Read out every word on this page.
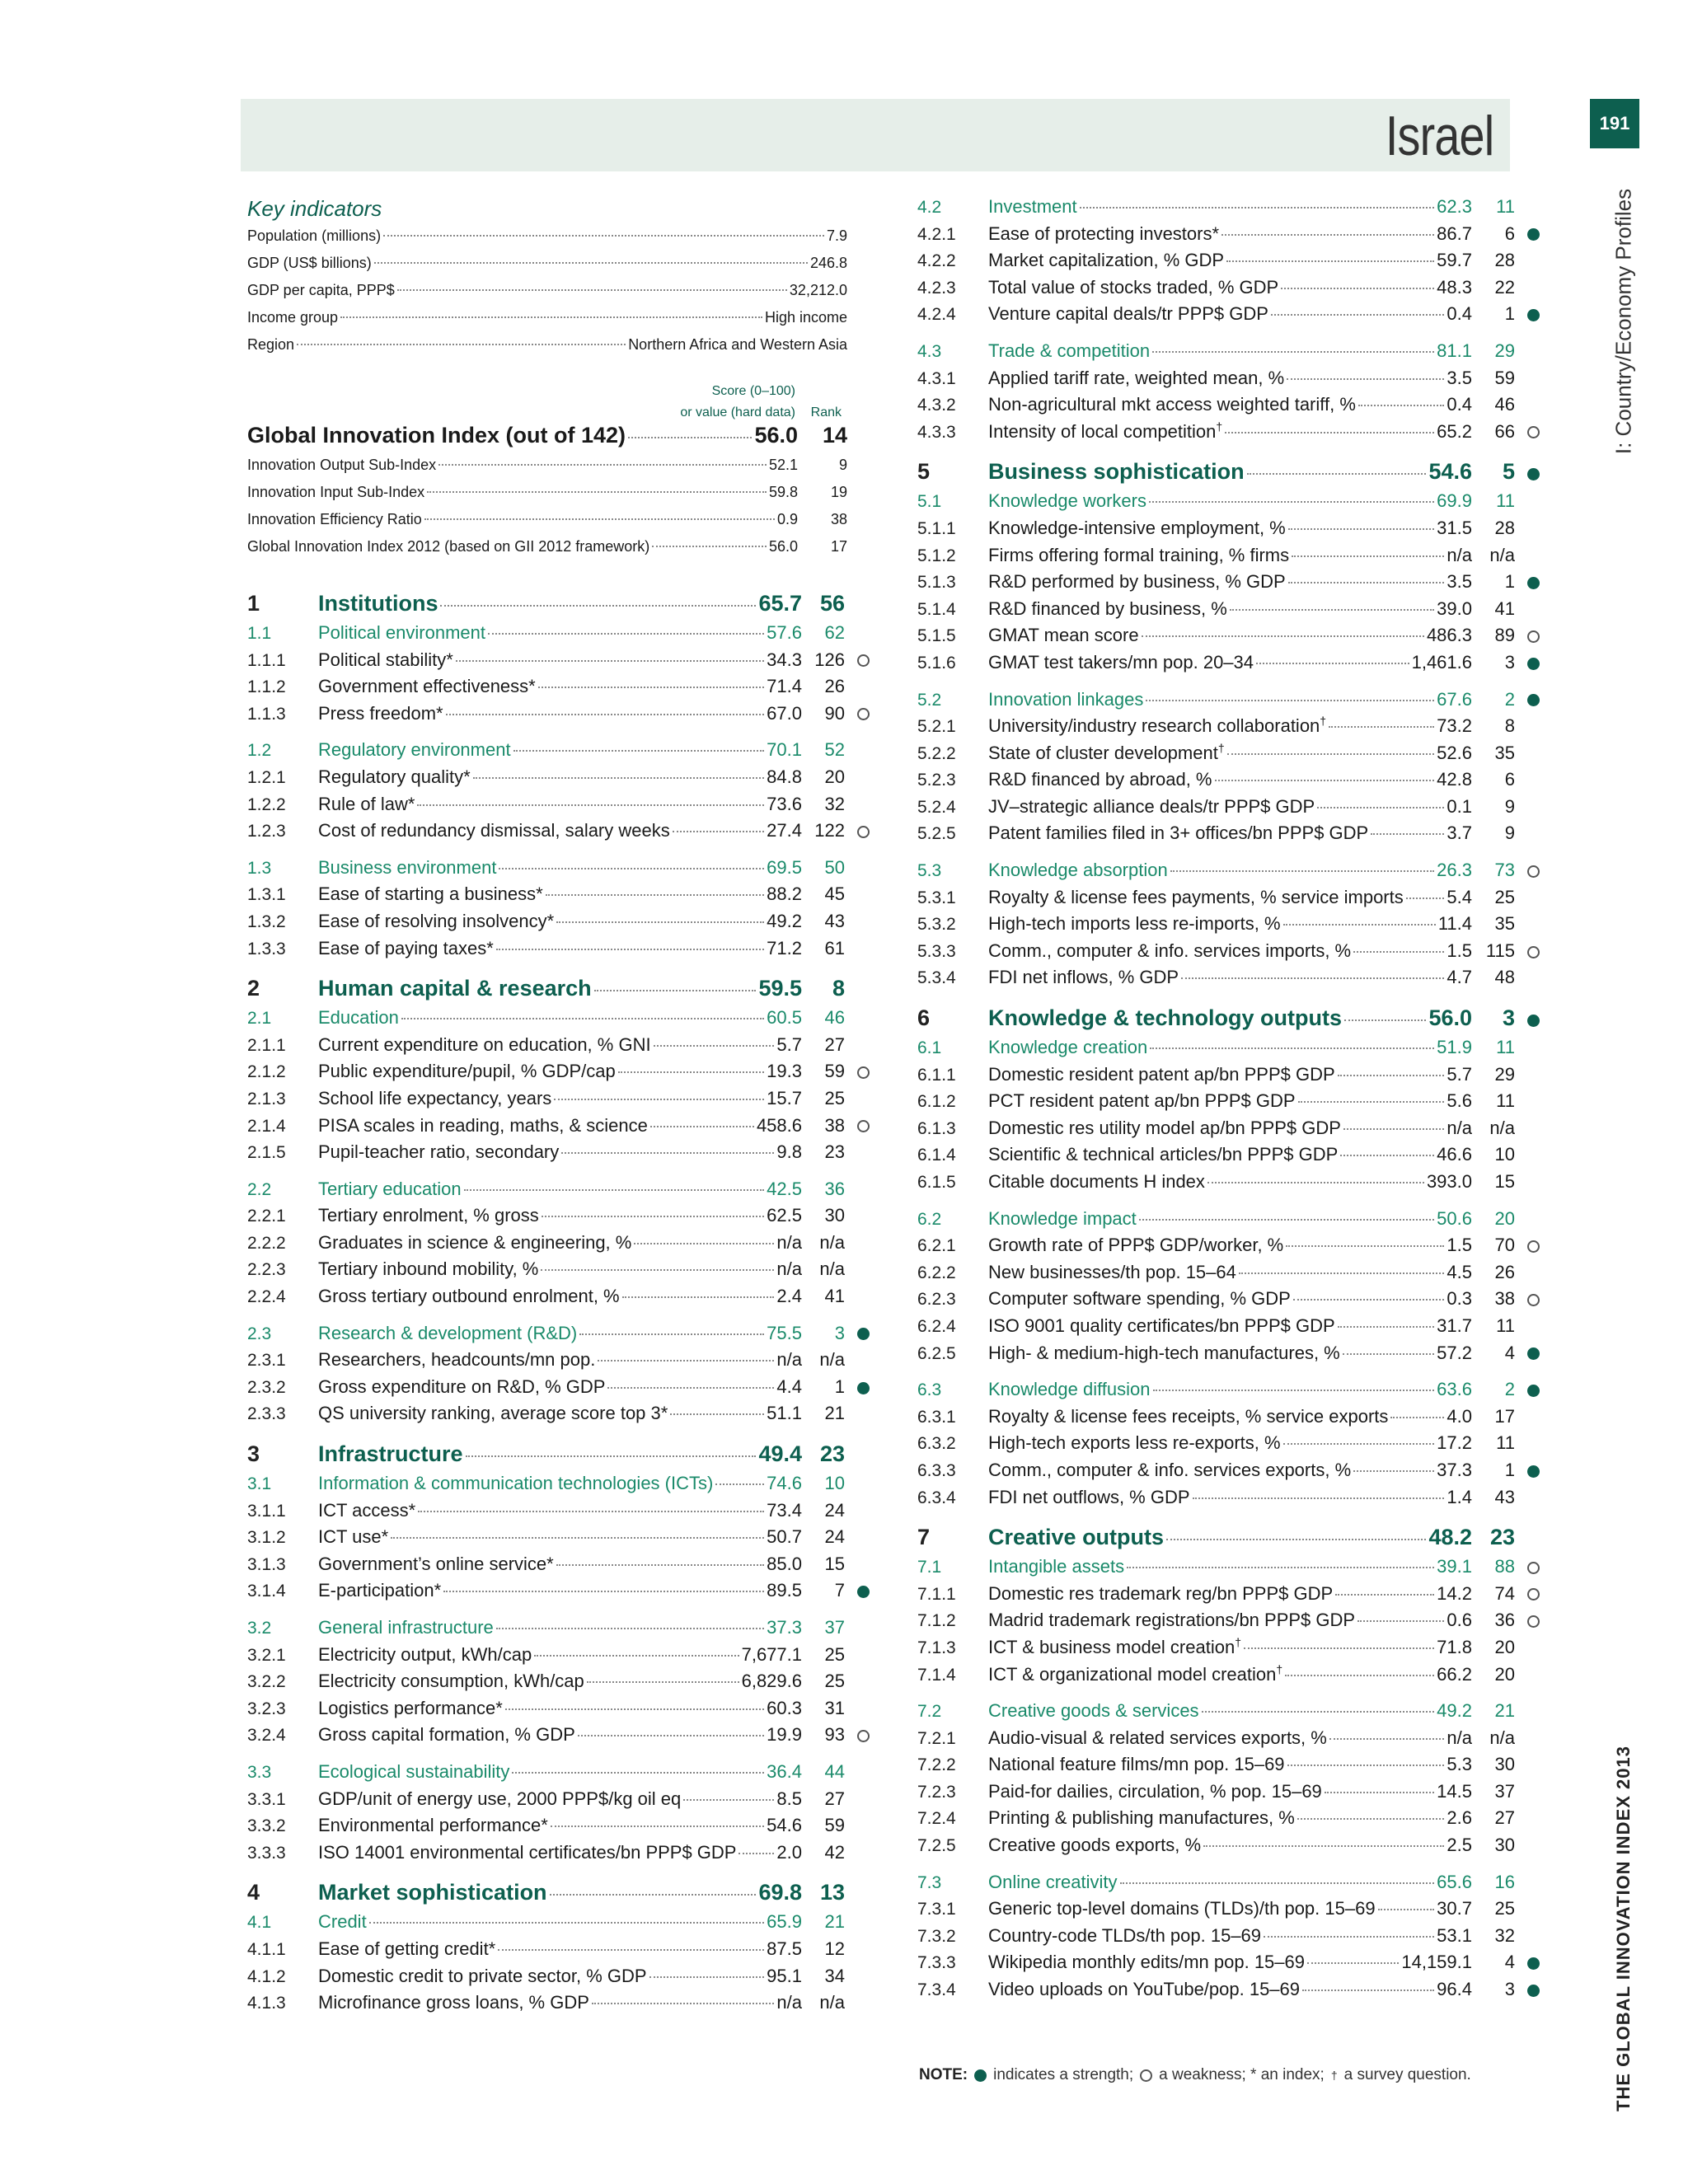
Israel	191
I: Country/Economy Profiles
THE GLOBAL INNOVATION INDEX 2013
Key indicators
Population (millions)	7.9
GDP (US$ billions)	246.8
GDP per capita, PPP$	32,212.0
Income group	High income
Region	Northern Africa and Western Asia
Score (0–100)
or value (hard data) Rank
Global Innovation Index (out of 142)	56.0	14
Innovation Output Sub-Index	52.1	9
Innovation Input Sub-Index	59.8	19
Innovation Efficiency Ratio	0.9	38
Global Innovation Index 2012 (based on GII 2012 framework)	56.0	17
1	Institutions	65.7 56
1.1	Political environment	57.6	62
1.1.1	Political stability*	34.3 126
1.1.2	Government effectiveness*	71.4	26
1.1.3	Press freedom*	67.0	90
1.2	Regulatory environment	70.1	52
1.2.1	Regulatory quality*	84.8	20
1.2.2	Rule of law*	73.6	32
1.2.3	Cost of redundancy dismissal, salary weeks	27.4 122
1.3	Business environment	69.5	50
1.3.1	Ease of starting a business*	88.2	45
1.3.2	Ease of resolving insolvency*	49.2	43
1.3.3	Ease of paying taxes*	71.2	61
2	Human capital & research	59.5	8
2.1	Education	60.5	46
2.1.1	Current expenditure on education, % GNI	5.7	27
2.1.2	Public expenditure/pupil, % GDP/cap	19.3	59
2.1.3	School life expectancy, years	15.7	25
2.1.4	PISA scales in reading, maths, & science	458.6	38
2.1.5	Pupil-teacher ratio, secondary	9.8	23
2.2	Tertiary education	42.5	36
2.2.1	Tertiary enrolment, % gross	62.5	30
2.2.2	Graduates in science & engineering, %	n/a n/a
2.2.3	Tertiary inbound mobility, %	n/a n/a
2.2.4	Gross tertiary outbound enrolment, %	2.4	41
2.3	Research & development (R&D)	75.5	3
2.3.1	Researchers, headcounts/mn pop.	n/a n/a
2.3.2	Gross expenditure on R&D, % GDP	4.4	1
2.3.3	QS university ranking, average score top 3*	51.1	21
3	Infrastructure	49.4 23
3.1	Information & communication technologies (ICTs)	74.6	10
3.1.1	ICT access*	73.4	24
3.1.2	ICT use*	50.7	24
3.1.3	Government’s online service*	85.0	15
3.1.4	E-participation*	89.5	7
3.2	General infrastructure	37.3	37
3.2.1	Electricity output, kWh/cap	7,677.1	25
3.2.2	Electricity consumption, kWh/cap	6,829.6	25
3.2.3	Logistics performance*	60.3	31
3.2.4	Gross capital formation, % GDP	19.9	93
3.3	Ecological sustainability	36.4	44
3.3.1	GDP/unit of energy use, 2000 PPP$/kg oil eq	8.5	27
3.3.2	Environmental performance*	54.6	59
3.3.3	ISO 14001 environmental certificates/bn PPP$ GDP 2.0	42
4	Market sophistication	69.8 13
4.1	Credit	65.9	21
4.1.1	Ease of getting credit*	87.5	12
4.1.2	Domestic credit to private sector, % GDP	95.1	34
4.1.3	Microfinance gross loans, % GDP	n/a n/a
4.2	Investment	62.3	11
4.2.1	Ease of protecting investors*	86.7	6
4.2.2	Market capitalization, % GDP	59.7	28
4.2.3	Total value of stocks traded, % GDP	48.3	22
4.2.4	Venture capital deals/tr PPP$ GDP	0.4	1
4.3	Trade & competition	81.1	29
4.3.1	Applied tariff rate, weighted mean, %	3.5	59
4.3.2	Non-agricultural mkt access weighted tariff, %	0.4	46
4.3.3	Intensity of local competition†	65.2	66
5	Business sophistication	54.6	5
5.1	Knowledge workers	69.9	11
5.1.1	Knowledge-intensive employment, %	31.5	28
5.1.2	Firms offering formal training, % firms	n/a n/a
5.1.3	R&D performed by business, % GDP	3.5	1
5.1.4	R&D financed by business, %	39.0	41
5.1.5	GMAT mean score	486.3	89
5.1.6	GMAT test takers/mn pop. 20–34	1,461.6	3
5.2	Innovation linkages	67.6	2
5.2.1	University/industry research collaboration†	73.2	8
5.2.2	State of cluster development†	52.6	35
5.2.3	R&D financed by abroad, %	42.8	6
5.2.4	JV–strategic alliance deals/tr PPP$ GDP	0.1	9
5.2.5	Patent families filed in 3+ offices/bn PPP$ GDP	3.7	9
5.3	Knowledge absorption	26.3	73
5.3.1	Royalty & license fees payments, % service imports 5.4	25
5.3.2	High-tech imports less re-imports, %	11.4	35
5.3.3	Comm., computer & info. services imports, %	1.5 115
5.3.4	FDI net inflows, % GDP	4.7	48
6	Knowledge & technology outputs	56.0	3
6.1	Knowledge creation	51.9	11
6.1.1	Domestic resident patent ap/bn PPP$ GDP	5.7	29
6.1.2	PCT resident patent ap/bn PPP$ GDP	5.6	11
6.1.3	Domestic res utility model ap/bn PPP$ GDP	n/a n/a
6.1.4	Scientific & technical articles/bn PPP$ GDP	46.6	10
6.1.5	Citable documents H index	393.0	15
6.2	Knowledge impact	50.6	20
6.2.1	Growth rate of PPP$ GDP/worker, %	1.5	70
6.2.2	New businesses/th pop. 15–64	4.5	26
6.2.3	Computer software spending, % GDP	0.3	38
6.2.4	ISO 9001 quality certificates/bn PPP$ GDP	31.7	11
6.2.5	High- & medium-high-tech manufactures, %	57.2	4
6.3	Knowledge diffusion	63.6	2
6.3.1	Royalty & license fees receipts, % service exports	4.0	17
6.3.2	High-tech exports less re-exports, %	17.2	11
6.3.3	Comm., computer & info. services exports, %	37.3	1
6.3.4	FDI net outflows, % GDP	1.4	43
7	Creative outputs	48.2 23
7.1	Intangible assets	39.1	88
7.1.1	Domestic res trademark reg/bn PPP$ GDP	14.2	74
7.1.2	Madrid trademark registrations/bn PPP$ GDP	0.6	36
7.1.3	ICT & business model creation†	71.8	20
7.1.4	ICT & organizational model creation†	66.2	20
7.2	Creative goods & services	49.2	21
7.2.1	Audio-visual & related services exports, %	n/a n/a
7.2.2	National feature films/mn pop. 15–69	5.3	30
7.2.3	Paid-for dailies, circulation, % pop. 15–69	14.5	37
7.2.4	Printing & publishing manufactures, %	2.6	27
7.2.5	Creative goods exports, %	2.5	30
7.3	Online creativity	65.6	16
7.3.1	Generic top-level domains (TLDs)/th pop. 15–69	30.7	25
7.3.2	Country-code TLDs/th pop. 15–69	53.1	32
7.3.3	Wikipedia monthly edits/mn pop. 15–69	14,159.1	4
7.3.4	Video uploads on YouTube/pop. 15–69	96.4	3
NOTE: indicates a strength; a weakness; * an index; † a survey question.
